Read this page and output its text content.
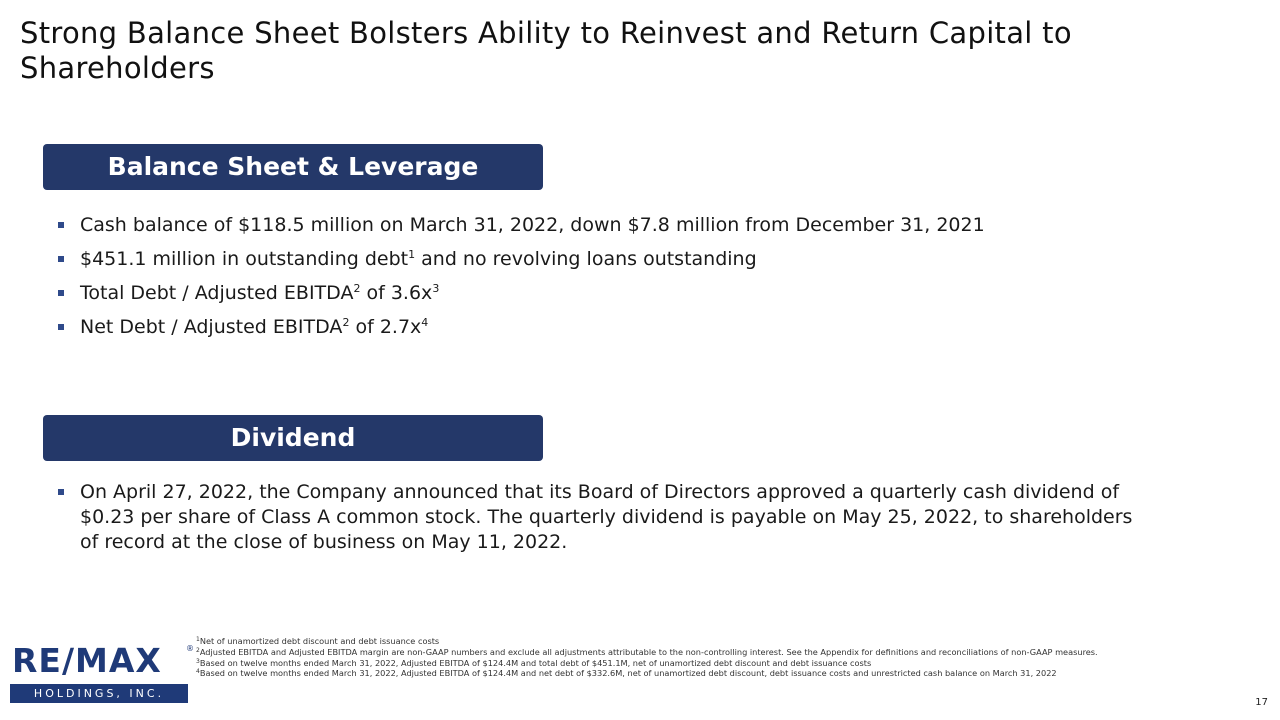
Strong Balance Sheet Bolsters Ability to Reinvest and Return Capital to Shareholders
Balance Sheet & Leverage
Cash balance of $118.5 million on March 31, 2022, down $7.8 million from December 31, 2021
$451.1 million in outstanding debt$^1$ and no revolving loans outstanding
Total Debt / Adjusted EBITDA$^2$ of $3.6x^3$
Net Debt / Adjusted EBITDA$^2$ of $2.7x^4$
Dividend
On April 27, 2022, the Company announced that its Board of Directors approved a quarterly cash dividend of $0.23 per share of Class A common stock. The quarterly dividend is payable on May 25, 2022, to shareholders of record at the close of business on May 11, 2022.
RE/MAX	®
HOLDINGS, INC.

$^1$Net of unamortized debt discount and debt issuance costs

$^2$Adjusted EBITDA and Adjusted EBITDA margin are non-GAAP numbers and exclude all adjustments attributable to the non-controlling interest. See the Appendix for definitions and reconciliations of non-GAAP measures.

$^3$Based on twelve months ended March 31, 2022, Adjusted EBITDA of $124.4M and total debt of $451.1M, net of unamortized debt discount and debt issuance costs

$^4$Based on twelve months ended March 31, 2022, Adjusted EBITDA of $124.4M and net debt of $332.6M, net of unamortized debt discount, debt issuance costs and unrestricted cash balance on March 31, 2022

17
